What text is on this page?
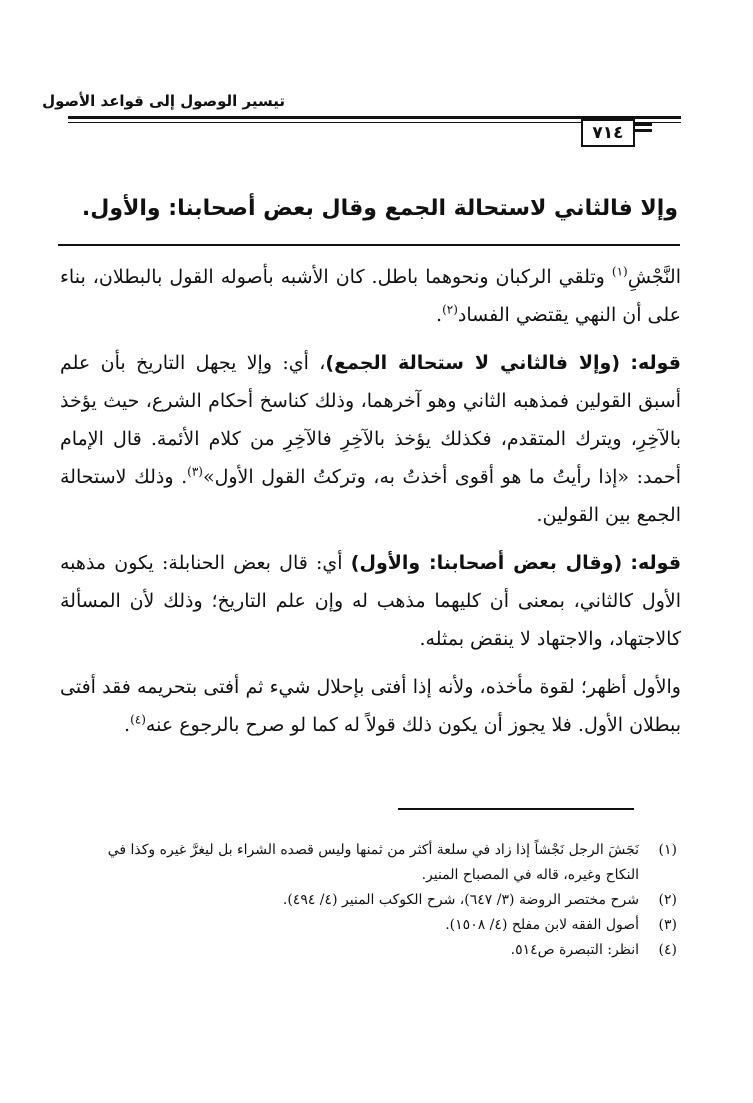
تيسير الوصول إلى قواعد الأصول
٧١٤
وإلا فالثاني لاستحالة الجمع وقال بعض أصحابنا: والأول.

النَّجْشِ$^{(١)}$ وتلقي الركبان ونحوهما باطل. كان الأشبه بأصوله القول بالبطلان، بناء على أن النهي يقتضي الفساد$^{(٢)}$.

قوله: (وإلا فالثاني لا ستحالة الجمع)، أي: وإلا يجهل التاريخ بأن علم أسبق القولين فمذهبه الثاني وهو آخرهما، وذلك كناسخ أحكام الشرع، حيث يؤخذ بالآخِرِ، ويترك المتقدم، فكذلك يؤخذ بالآخِرِ فالآخِرِ من كلام الأئمة. قال الإمام أحمد: «إذا رأيتُ ما هو أقوى أخذتُ به، وتركتُ القول الأول»$^{(٣)}$. وذلك لاستحالة الجمع بين القولين.

قوله: (وقال بعض أصحابنا: والأول) أي: قال بعض الحنابلة: يكون مذهبه الأول كالثاني، بمعنى أن كليهما مذهب له وإن علم التاريخ؛ وذلك لأن المسألة كالاجتهاد، والاجتهاد لا ينقض بمثله.

والأول أظهر؛ لقوة مأخذه، ولأنه إذا أفتى بإحلال شيء ثم أفتى بتحريمه فقد أفتى ببطلان الأول. فلا يجوز أن يكون ذلك قولاً له كما لو صرح بالرجوع عنه$^{(٤)}$.

(١)
نَجَشَ الرجل نَجْشاً إذا زاد في سلعة أكثر من ثمنها وليس قصده الشراء بل ليغرَّ غيره وكذا في النكاح وغيره، قاله في المصباح المنير.
(٢)
شرح مختصر الروضة (٣/ ٦٤٧)، شرح الكوكب المنير (٤/ ٤٩٤).
(٣)
أصول الفقه لابن مفلح (٤/ ١٥٠٨).
(٤)
انظر: التبصرة ص٥١٤.
